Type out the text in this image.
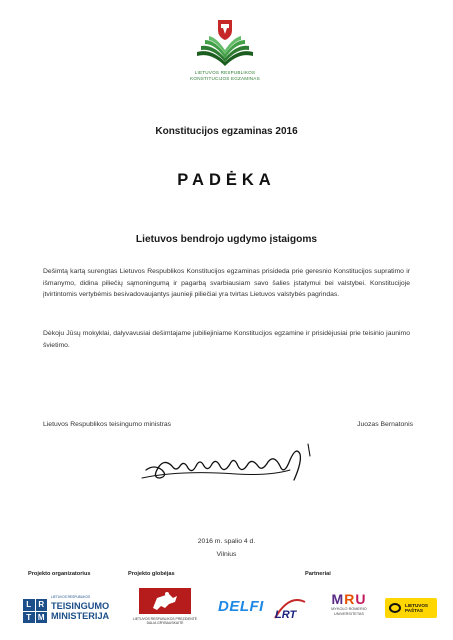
LIETUVOS RESPUBLIKOS
KONSTITUCIJOS EGZAMINAS
Konstitucijos egzaminas 2016
PADĖKA
Lietuvos bendrojo ugdymo įstaigoms
Dešimtą kartą surengtas Lietuvos Respublikos Konstitucijos egzaminas prisideda prie geresnio Konstitucijos supratimo ir išmanymo, didina piliečių sąmoningumą ir pagarbą svarbiausiam savo šalies įstatymui bei valstybei. Konstitucijoje įtvirtintomis vertybėmis besivadovaujantys jaunieji piliečiai yra tvirtas Lietuvos valstybės pagrindas.
Dėkoju Jūsų mokyklai, dalyvavusiai dešimtajame jubiliejiniame Konstitucijos egzamine ir prisidėjusiai prie teisinio jaunimo švietimo.
Lietuvos Respublikos teisingumo ministras	Juozas Bernatonis
2016 m. spalio 4 d.
Vilnius
Projekto organizatorius	Projekto globėjas	Partneriai
L R
T M
LIETUVOS RESPUBLIKOS
TEISINGUMO
MINISTERIJA	LIETUVOS RESPUBLIKOS PREZIDENTĖ
DALIA GRYBAUSKAITĖ
DELFI LRT
MRU
MYKOLO ROMERIO
UNIVERSITETAS
LIETUVOS
PAŠTAS
